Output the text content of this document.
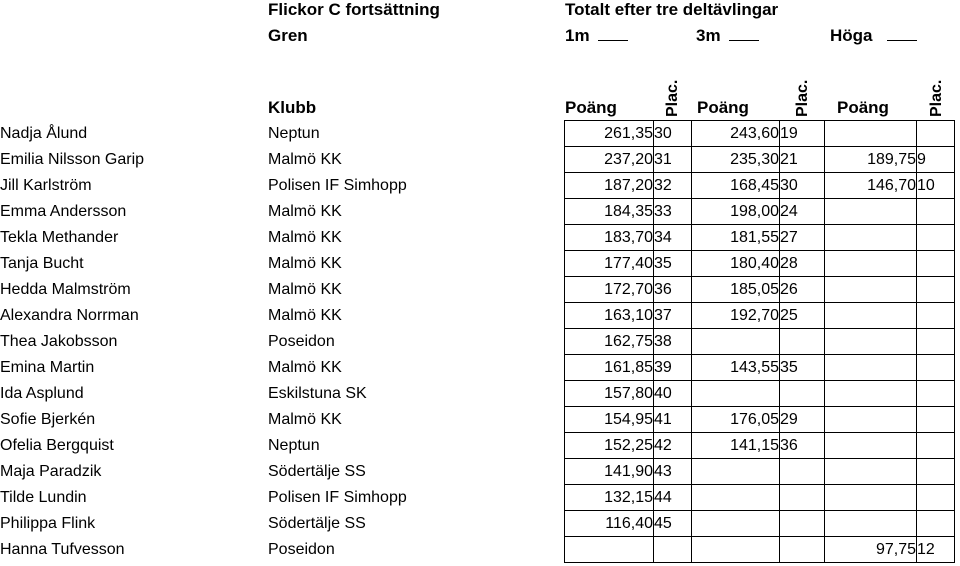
Flickor C fortsättning	Totalt efter tre deltävlingar
Gren	1m	3m	Höga
Klubb	Poäng	Plac. Poäng	Plac. Poäng Plac.
Nadja Ålund	Neptun	261,35	30	243,60	19		
Emilia Nilsson Garip	Malmö KK	237,20	31	235,30	21	189,75	9
Jill Karlström	Polisen IF Simhopp	187,20	32	168,45	30	146,70	10
Emma Andersson	Malmö KK	184,35	33	198,00	24		
Tekla Methander	Malmö KK	183,70	34	181,55	27		
Tanja Bucht	Malmö KK	177,40	35	180,40	28		
Hedda Malmström	Malmö KK	172,70	36	185,05	26		
Alexandra Norrman	Malmö KK	163,10	37	192,70	25		
Thea Jakobsson	Poseidon	162,75	38				
Emina Martin	Malmö KK	161,85	39	143,55	35		
Ida Asplund	Eskilstuna SK	157,80	40				
Sofie Bjerkén	Malmö KK	154,95	41	176,05	29		
Ofelia Bergquist	Neptun	152,25	42	141,15	36		
Maja Paradzik	Södertälje SS	141,90	43				
Tilde Lundin	Polisen IF Simhopp	132,15	44				
Philippa Flink	Södertälje SS	116,40	45				
Hanna Tufvesson	Poseidon					97,75	12
